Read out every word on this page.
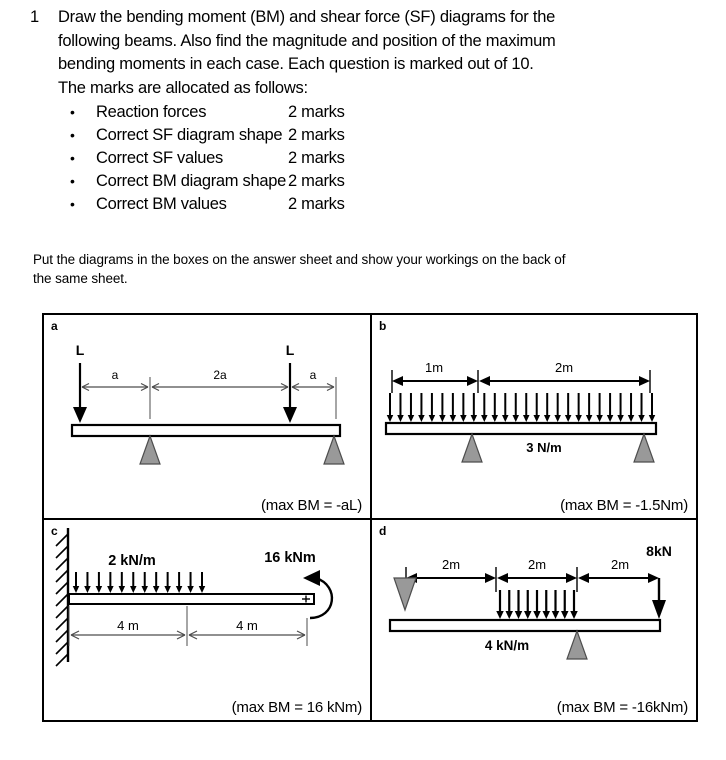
1	Draw the bending moment (BM) and shear force (SF) diagrams for the

following beams. Also find the magnitude and position of the maximum

bending moments in each case. Each question is marked out of 10.

The marks are allocated as follows:

•	Reaction forces	2 marks
•	Correct SF diagram shape 2 marks
•	Correct SF values	2 marks
•	Correct BM diagram shape 2 marks
•	Correct BM values	2 marks

Put the diagrams in the boxes on the answer sheet and show your workings on the back of

the same sheet.

a
a	2a	a
L	L
(max BM = -aL)
b
1m	2m
3 N/m
(max BM = -1.5Nm)
c
2 kN/m	16 kNm
4 m	4 m
(max BM = 16 kNm)
d
2m	2m	2m
8kN
4 kN/m
(max BM = -16kNm)
